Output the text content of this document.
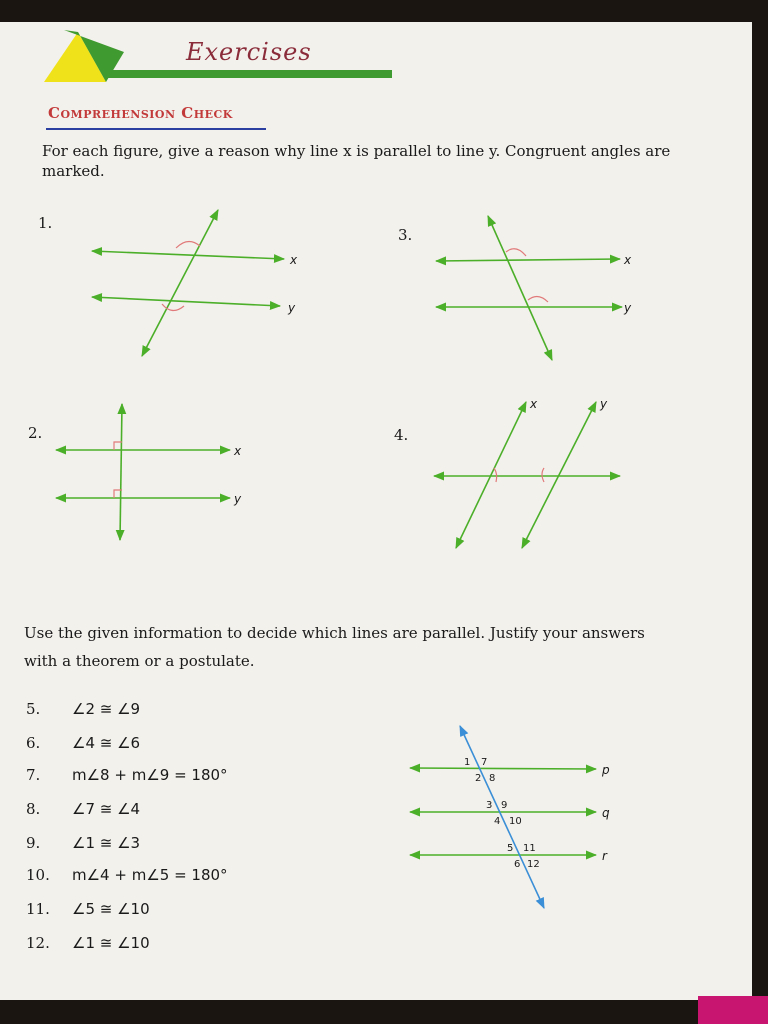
Exercises
Comprehension Check
For each figure, give a reason why line x is parallel to line y. Congruent angles are
marked.
1.
3.
2.	4.
x
y
x
y
x
y
x	y
Use the given information to decide which lines are parallel. Justify your answers
with a theorem or a postulate.
5. ∠2 ≅ ∠9
6. ∠4 ≅ ∠6
7. m∠8 + m∠9 = 180°
8. ∠7 ≅ ∠4
9. ∠1 ≅ ∠3
10. m∠4 + m∠5 = 180°
11. ∠5 ≅ ∠10
12. ∠1 ≅ ∠10
p
q
r
1 7
2 8
3 9
4 10
5 11
6 12
